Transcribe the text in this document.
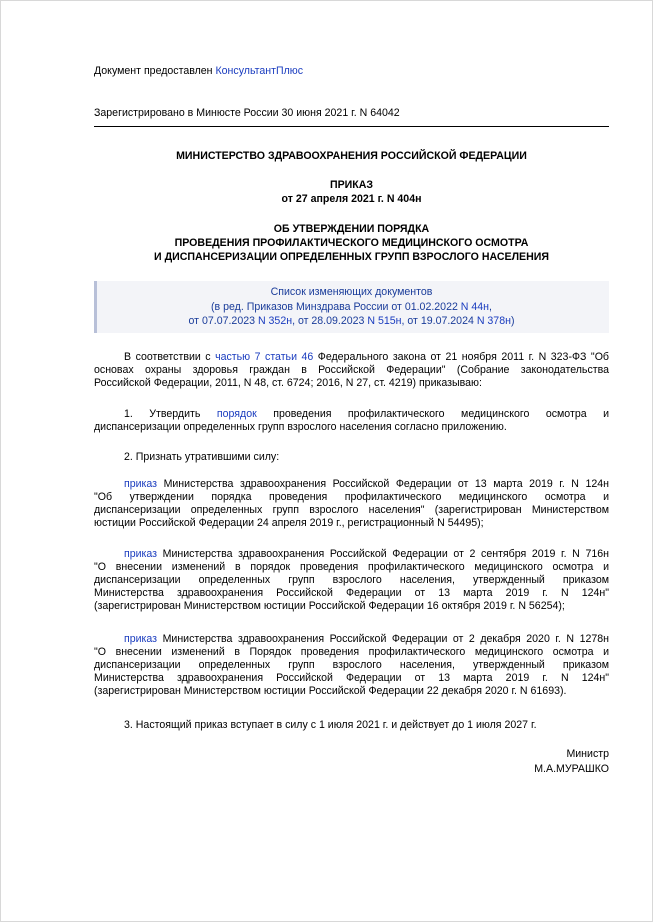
Документ предоставлен КонсультантПлюс
Зарегистрировано в Минюсте России 30 июня 2021 г. N 64042
МИНИСТЕРСТВО ЗДРАВООХРАНЕНИЯ РОССИЙСКОЙ ФЕДЕРАЦИИ
ПРИКАЗ
от 27 апреля 2021 г. N 404н
ОБ УТВЕРЖДЕНИИ ПОРЯДКА
ПРОВЕДЕНИЯ ПРОФИЛАКТИЧЕСКОГО МЕДИЦИНСКОГО ОСМОТРА
И ДИСПАНСЕРИЗАЦИИ ОПРЕДЕЛЕННЫХ ГРУПП ВЗРОСЛОГО НАСЕЛЕНИЯ
Список изменяющих документов
(в ред. Приказов Минздрава России от 01.02.2022 N 44н,
от 07.07.2023 N 352н, от 28.09.2023 N 515н, от 19.07.2024 N 378н)
В соответствии с частью 7 статьи 46 Федерального закона от 21 ноября 2011 г. N 323-ФЗ "Об
основах охраны здоровья граждан в Российской Федерации" (Собрание законодательства
Российской Федерации, 2011, N 48, ст. 6724; 2016, N 27, ст. 4219) приказываю:
1. Утвердить порядок проведения профилактического медицинского осмотра и
диспансеризации определенных групп взрослого населения согласно приложению.
2. Признать утратившими силу:
приказ Министерства здравоохранения Российской Федерации от 13 марта 2019 г. N 124н
"Об утверждении порядка проведения профилактического медицинского осмотра и
диспансеризации определенных групп взрослого населения" (зарегистрирован Министерством
юстиции Российской Федерации 24 апреля 2019 г., регистрационный N 54495);
приказ Министерства здравоохранения Российской Федерации от 2 сентября 2019 г. N 716н
"О внесении изменений в порядок проведения профилактического медицинского осмотра и
диспансеризации определенных групп взрослого населения, утвержденный приказом
Министерства здравоохранения Российской Федерации от 13 марта 2019 г. N 124н"
(зарегистрирован Министерством юстиции Российской Федерации 16 октября 2019 г. N 56254);
приказ Министерства здравоохранения Российской Федерации от 2 декабря 2020 г. N 1278н
"О внесении изменений в Порядок проведения профилактического медицинского осмотра и
диспансеризации определенных групп взрослого населения, утвержденный приказом
Министерства здравоохранения Российской Федерации от 13 марта 2019 г. N 124н"
(зарегистрирован Министерством юстиции Российской Федерации 22 декабря 2020 г. N 61693).
3. Настоящий приказ вступает в силу с 1 июля 2021 г. и действует до 1 июля 2027 г.
Министр
М.А.МУРАШКО
